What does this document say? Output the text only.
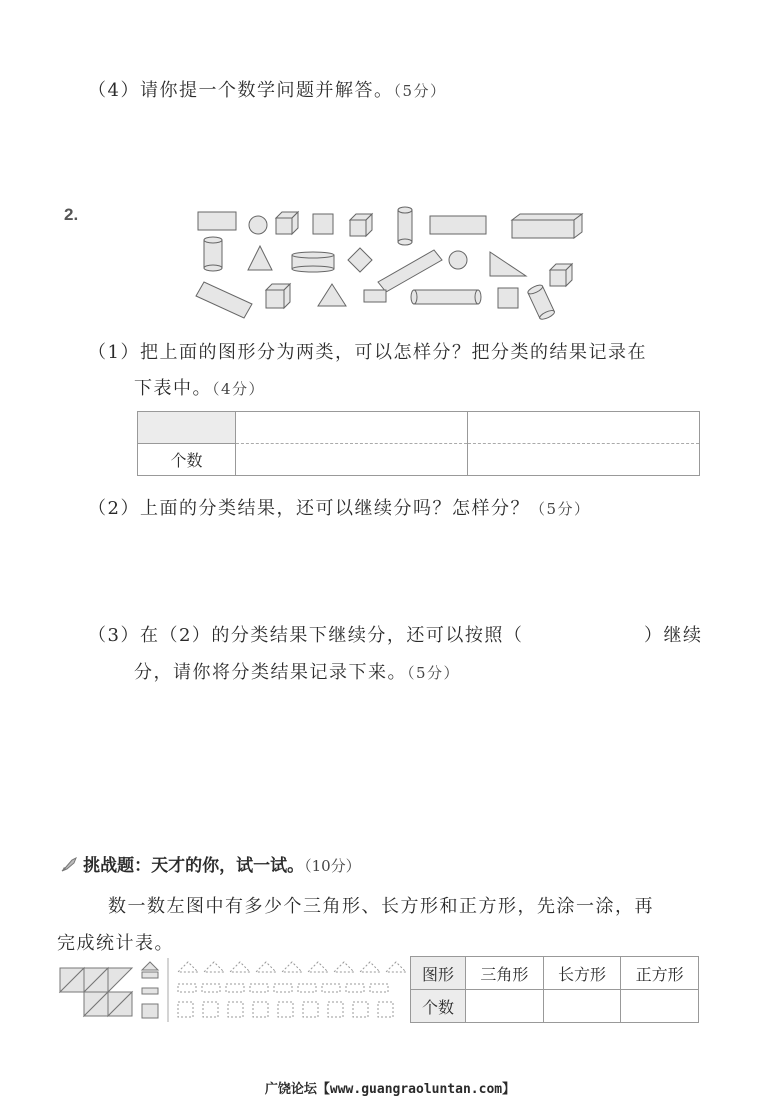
（4）请你提一个数学问题并解答。（5分）
2.
（1）把上面的图形分为两类，可以怎样分？把分类的结果记录在
下表中。（4分）

个数		
（2）上面的分类结果，还可以继续分吗？怎样分？（5分）
（3）在（2）的分类结果下继续分，还可以按照（	）继续
分，请你将分类结果记录下来。（5分）
挑战题：天才的你，试一试。（10分）
数一数左图中有多少个三角形、长方形和正方形，先涂一涂，再
完成统计表。
图形	三角形	长方形	正方形
个数			
广饶论坛【www.guangraoluntan.com】
